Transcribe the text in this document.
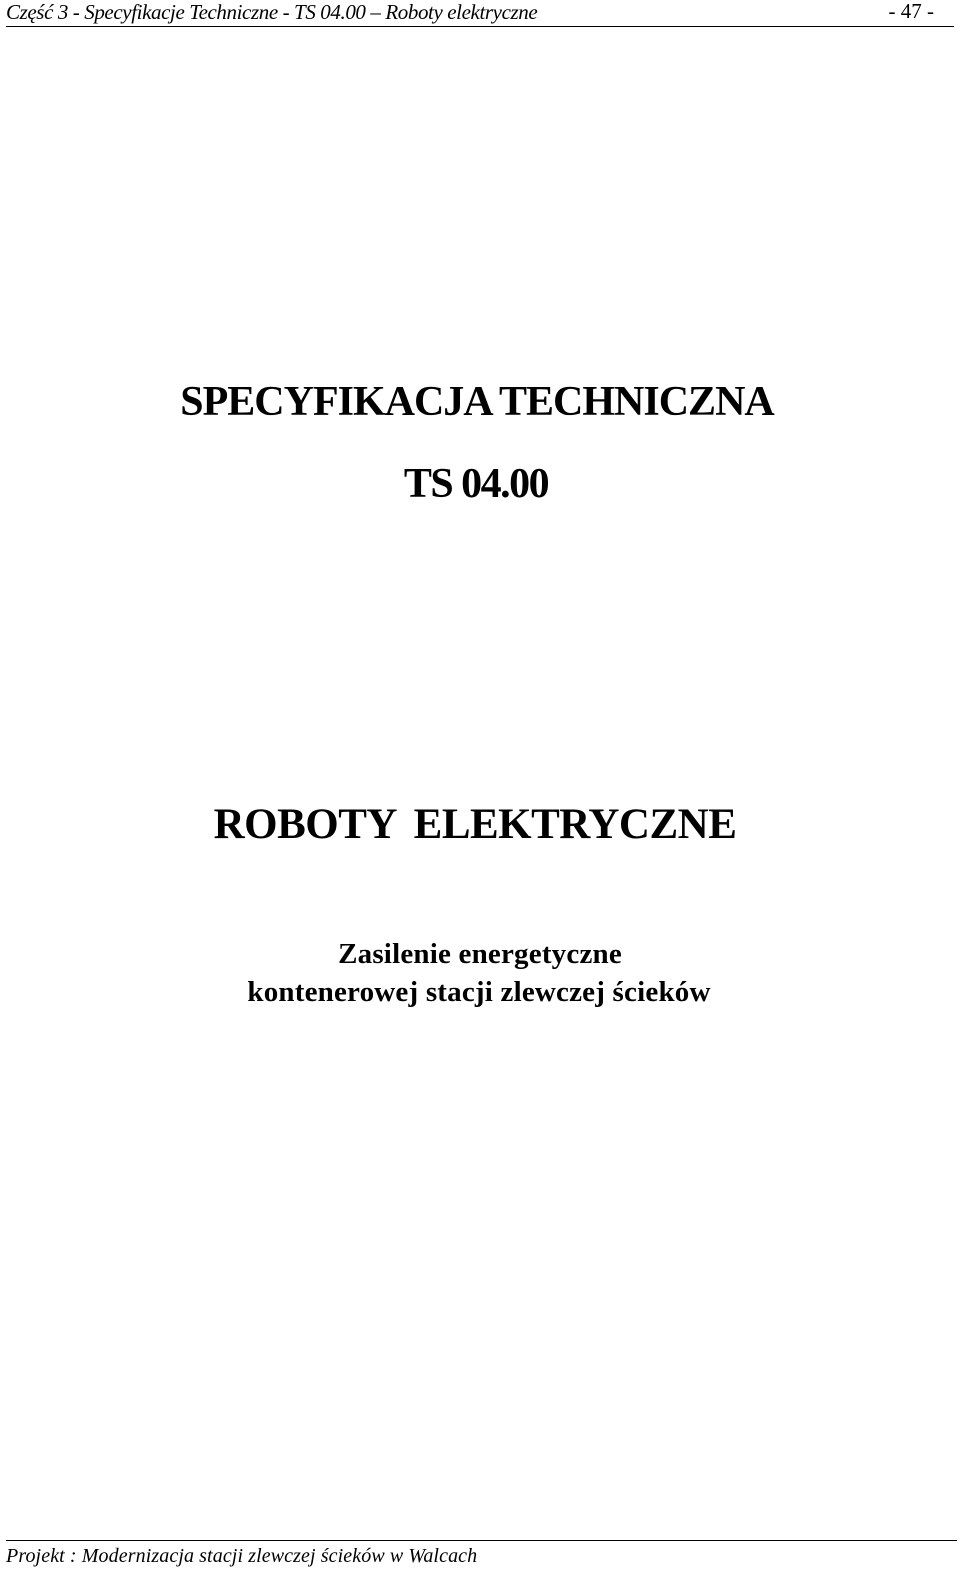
Część 3 - Specyfikacje Techniczne - TS 04.00 – Roboty elektryczne	- 47 -
SPECYFIKACJA TECHNICZNA
TS 04.00
ROBOTY ELEKTRYCZNE
Zasilenie energetyczne
kontenerowej stacji zlewczej ścieków
Projekt : Modernizacja stacji zlewczej ścieków w Walcach
